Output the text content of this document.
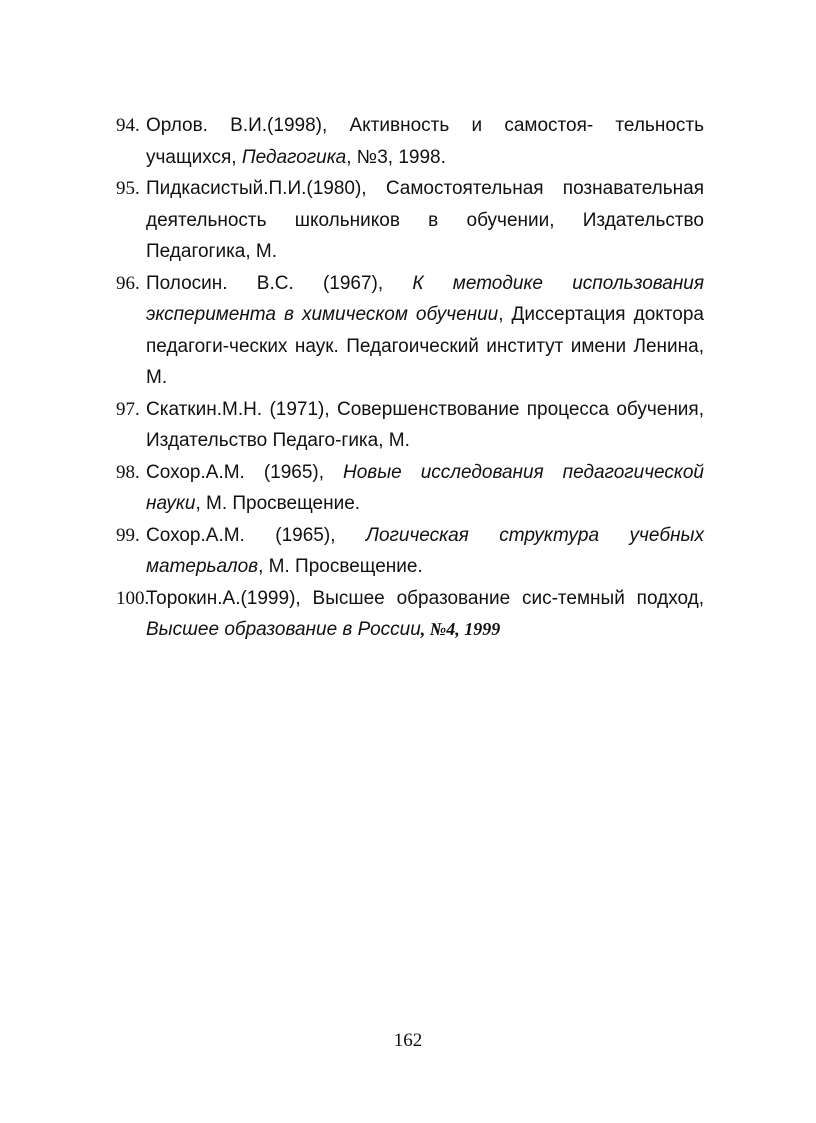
94. Орлов. В.И.(1998), Активность и самостоя- тельность учащихся, Педагогика, №3, 1998.
95. Пидкасистый.П.И.(1980), Самостоятельная познавательная деятельность школьников в обучении, Издательство Педагогика, М.
96. Полосин. В.С. (1967), К методике использования эксперимента в химическом обучении, Диссертация доктора педагоги-ческих наук. Педагоический институт имени Ленина, М.
97. Скаткин.М.Н. (1971), Совершенствование процесса обучения, Издательство Педаго-гика, М.
98. Сохор.А.М. (1965), Новые исследования педагогической науки, М. Просвещение.
99. Сохор.А.М. (1965), Логическая структура учебных матерьалов, М. Просвещение.
100.
Торокин.А.(1999), Высшее образование сис-темный подход, Высшее образование в России, №4, 1999
162
